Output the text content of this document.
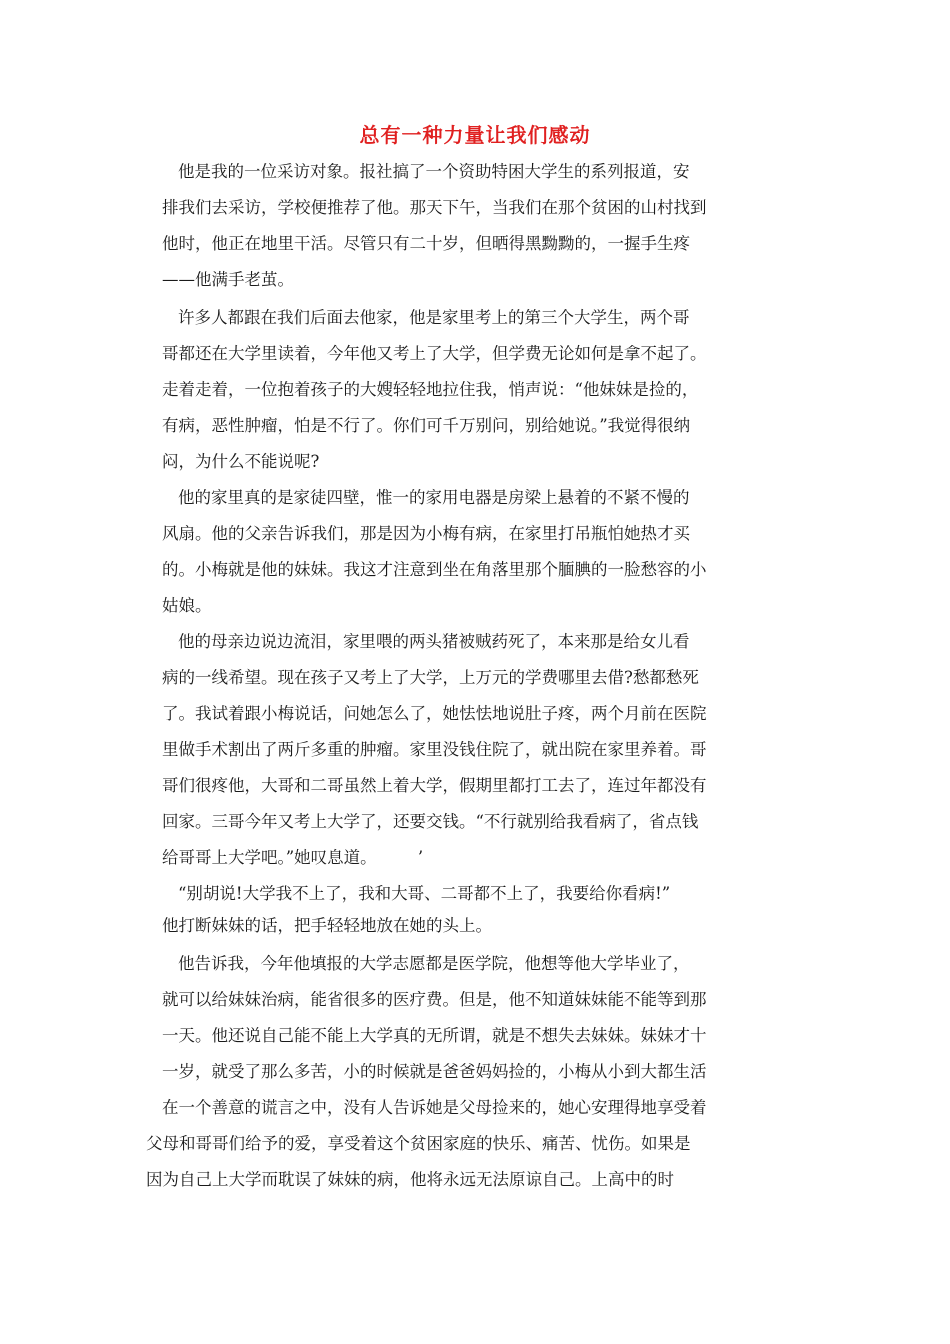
总有一种力量让我们感动
他是我的一位采访对象。报社搞了一个资助特困大学生的系列报道，安
排我们去采访，学校便推荐了他。那天下午，当我们在那个贫困的山村找到
他时，他正在地里干活。尽管只有二十岁，但晒得黑黝黝的，一握手生疼
——他满手老茧。
许多人都跟在我们后面去他家，他是家里考上的第三个大学生，两个哥
哥都还在大学里读着，今年他又考上了大学，但学费无论如何是拿不起了。
走着走着，一位抱着孩子的大嫂轻轻地拉住我，悄声说：“他妹妹是捡的，
有病，恶性肿瘤，怕是不行了。你们可千万别问，别给她说。”我觉得很纳
闷，为什么不能说呢?
他的家里真的是家徒四壁，惟一的家用电器是房梁上悬着的不紧不慢的
风扇。他的父亲告诉我们，那是因为小梅有病，在家里打吊瓶怕她热才买
的。小梅就是他的妹妹。我这才注意到坐在角落里那个腼腆的一脸愁容的小
姑娘。
他的母亲边说边流泪，家里喂的两头猪被贼药死了，本来那是给女儿看
病的一线希望。现在孩子又考上了大学，上万元的学费哪里去借?愁都愁死
了。我试着跟小梅说话，问她怎么了，她怯怯地说肚子疼，两个月前在医院
里做手术割出了两斤多重的肿瘤。家里没钱住院了，就出院在家里养着。哥
哥们很疼他，大哥和二哥虽然上着大学，假期里都打工去了，连过年都没有
回家。三哥今年又考上大学了，还要交钱。“不行就别给我看病了，省点钱
给哥哥上大学吧。”她叹息道。　　　’
“别胡说!大学我不上了，我和大哥、二哥都不上了，我要给你看病!”
他打断妹妹的话，把手轻轻地放在她的头上。
他告诉我，今年他填报的大学志愿都是医学院，他想等他大学毕业了，
就可以给妹妹治病，能省很多的医疗费。但是，他不知道妹妹能不能等到那
一天。他还说自己能不能上大学真的无所谓，就是不想失去妹妹。妹妹才十
一岁，就受了那么多苦，小的时候就是爸爸妈妈捡的，小梅从小到大都生活
在一个善意的谎言之中，没有人告诉她是父母捡来的，她心安理得地享受着
父母和哥哥们给予的爱，享受着这个贫困家庭的快乐、痛苦、忧伤。如果是
因为自己上大学而耽误了妹妹的病，他将永远无法原谅自己。上高中的时
